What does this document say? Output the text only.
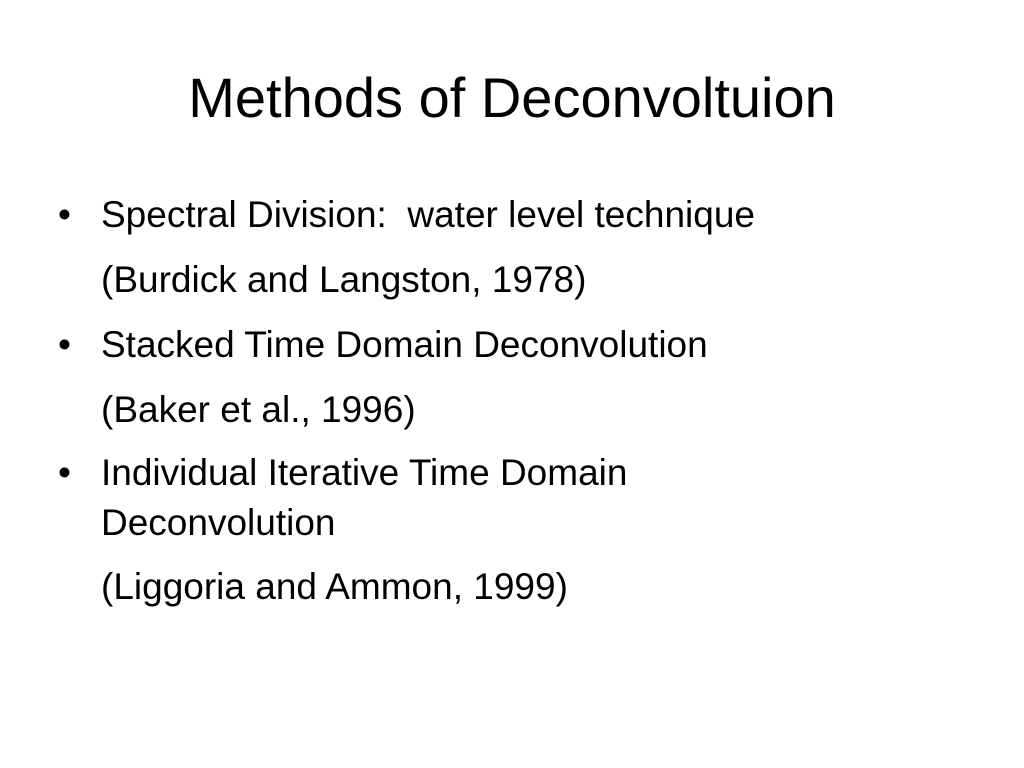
Methods of Deconvoltuion
• Spectral Division:  water level technique
(Burdick and Langston, 1978)
• Stacked Time Domain Deconvolution
(Baker et al., 1996)
• Individual Iterative Time Domain
Deconvolution
(Liggoria and Ammon, 1999)
